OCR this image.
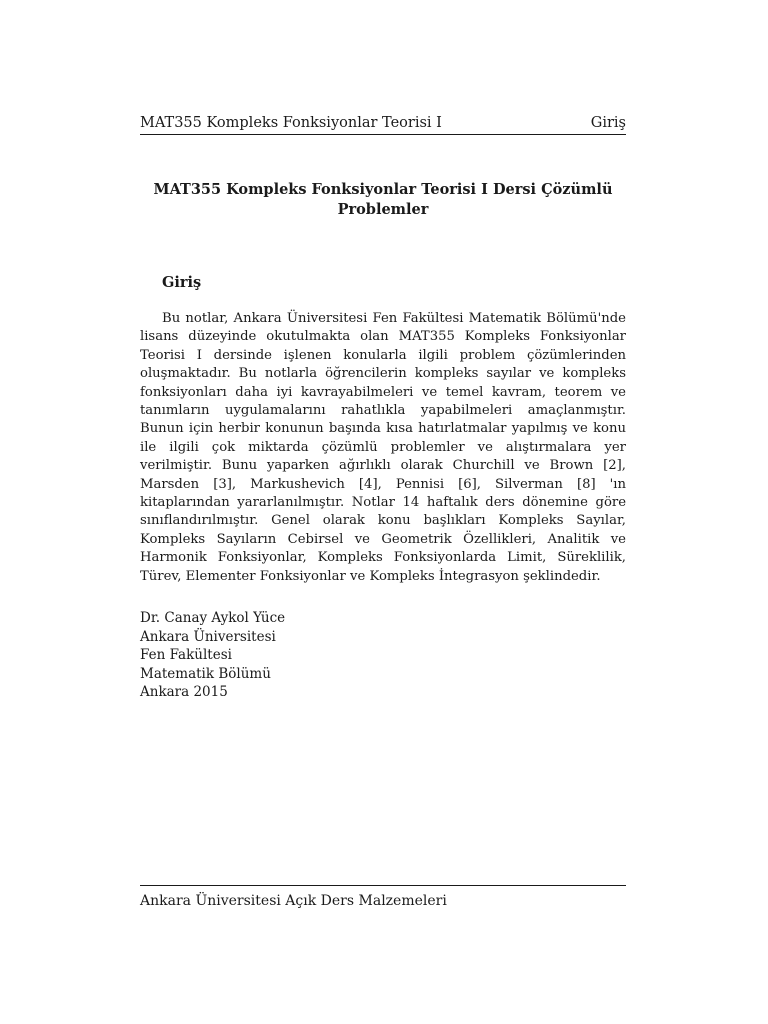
MAT355 Kompleks Fonksiyonlar Teorisi I	Giriş
MAT355 Kompleks Fonksiyonlar Teorisi I Dersi Çözümlü
Problemler
Giriş

Bu notlar, Ankara Üniversitesi Fen Fakültesi Matematik Bölümü'nde lisans düzeyinde okutulmakta olan MAT355 Kompleks Fonksiyonlar Teorisi I dersinde işlenen konularla ilgili problem çözümlerinden oluşmaktadır. Bu notlarla öğrencilerin kompleks sayılar ve kompleks fonksiyonları daha iyi kavrayabilmeleri ve temel kavram, teorem ve tanımların uygulamalarını rahatlıkla yapabilmeleri amaçlanmıştır. Bunun için herbir konunun başında kısa hatırlatmalar yapılmış ve konu ile ilgili çok miktarda çözümlü problemler ve alıştırmalara yer verilmiştir. Bunu yaparken ağırlıklı olarak Churchill ve Brown [2], Marsden [3], Markushevich [4], Pennisi [6], Silverman [8] 'ın kitaplarından yararlanılmıştır. Notlar 14 haftalık ders dönemine göre sınıflandırılmıştır. Genel olarak konu başlıkları Kompleks Sayılar, Kompleks Sayıların Cebirsel ve Geometrik Özellikleri, Analitik ve Harmonik Fonksiyonlar, Kompleks Fonksiyonlarda Limit, Süreklilik, Türev, Elementer Fonksiyonlar ve Kompleks İntegrasyon şeklindedir.

Dr. Canay Aykol Yüce
Ankara Üniversitesi
Fen Fakültesi
Matematik Bölümü
Ankara 2015
Ankara Üniversitesi Açık Ders Malzemeleri
